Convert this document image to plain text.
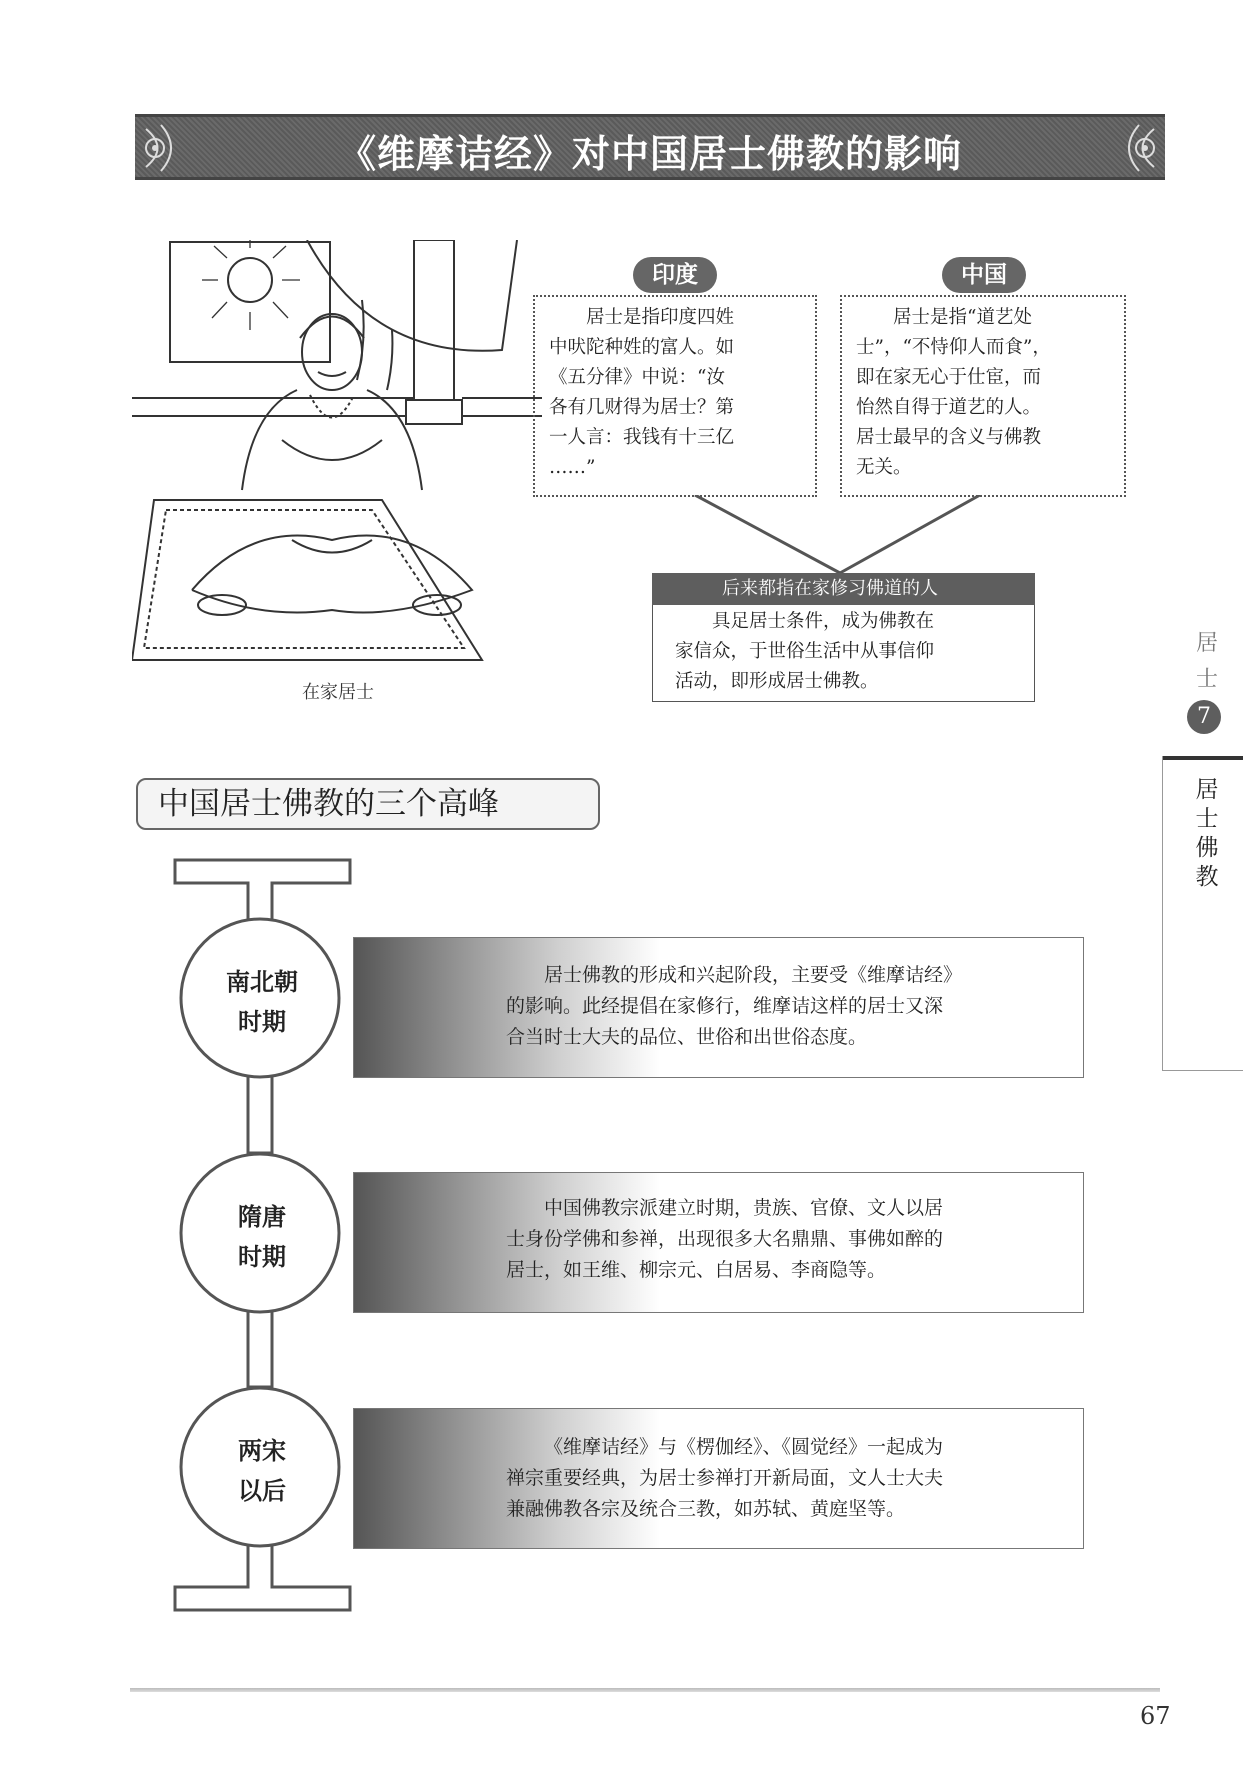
《维摩诘经》对中国居士佛教的影响
在家居士
印度
居士是指印度四姓
中吠陀种姓的富人。如
《五分律》中说：“汝
各有几财得为居士？第
一人言：我钱有十三亿
……”
中国
居士是指“道艺处
士”，“不恃仰人而食”，
即在家无心于仕宦，而
怡然自得于道艺的人。
居士最早的含义与佛教
无关。
后来都指在家修习佛道的人
具足居士条件，成为佛教在
家信众，于世俗生活中从事信仰
活动，即形成居士佛教。
居
士
7
居
士
佛
教
中国居士佛教的三个高峰
南北朝
时期
居士佛教的形成和兴起阶段，主要受《维摩诘经》
的影响。此经提倡在家修行，维摩诘这样的居士又深
合当时士大夫的品位、世俗和出世俗态度。
隋唐
时期
中国佛教宗派建立时期，贵族、官僚、文人以居
士身份学佛和参禅，出现很多大名鼎鼎、事佛如醉的
居士，如王维、柳宗元、白居易、李商隐等。
两宋
以后
《维摩诘经》与《楞伽经》、《圆觉经》一起成为
禅宗重要经典，为居士参禅打开新局面，文人士大夫
兼融佛教各宗及统合三教，如苏轼、黄庭坚等。
67
